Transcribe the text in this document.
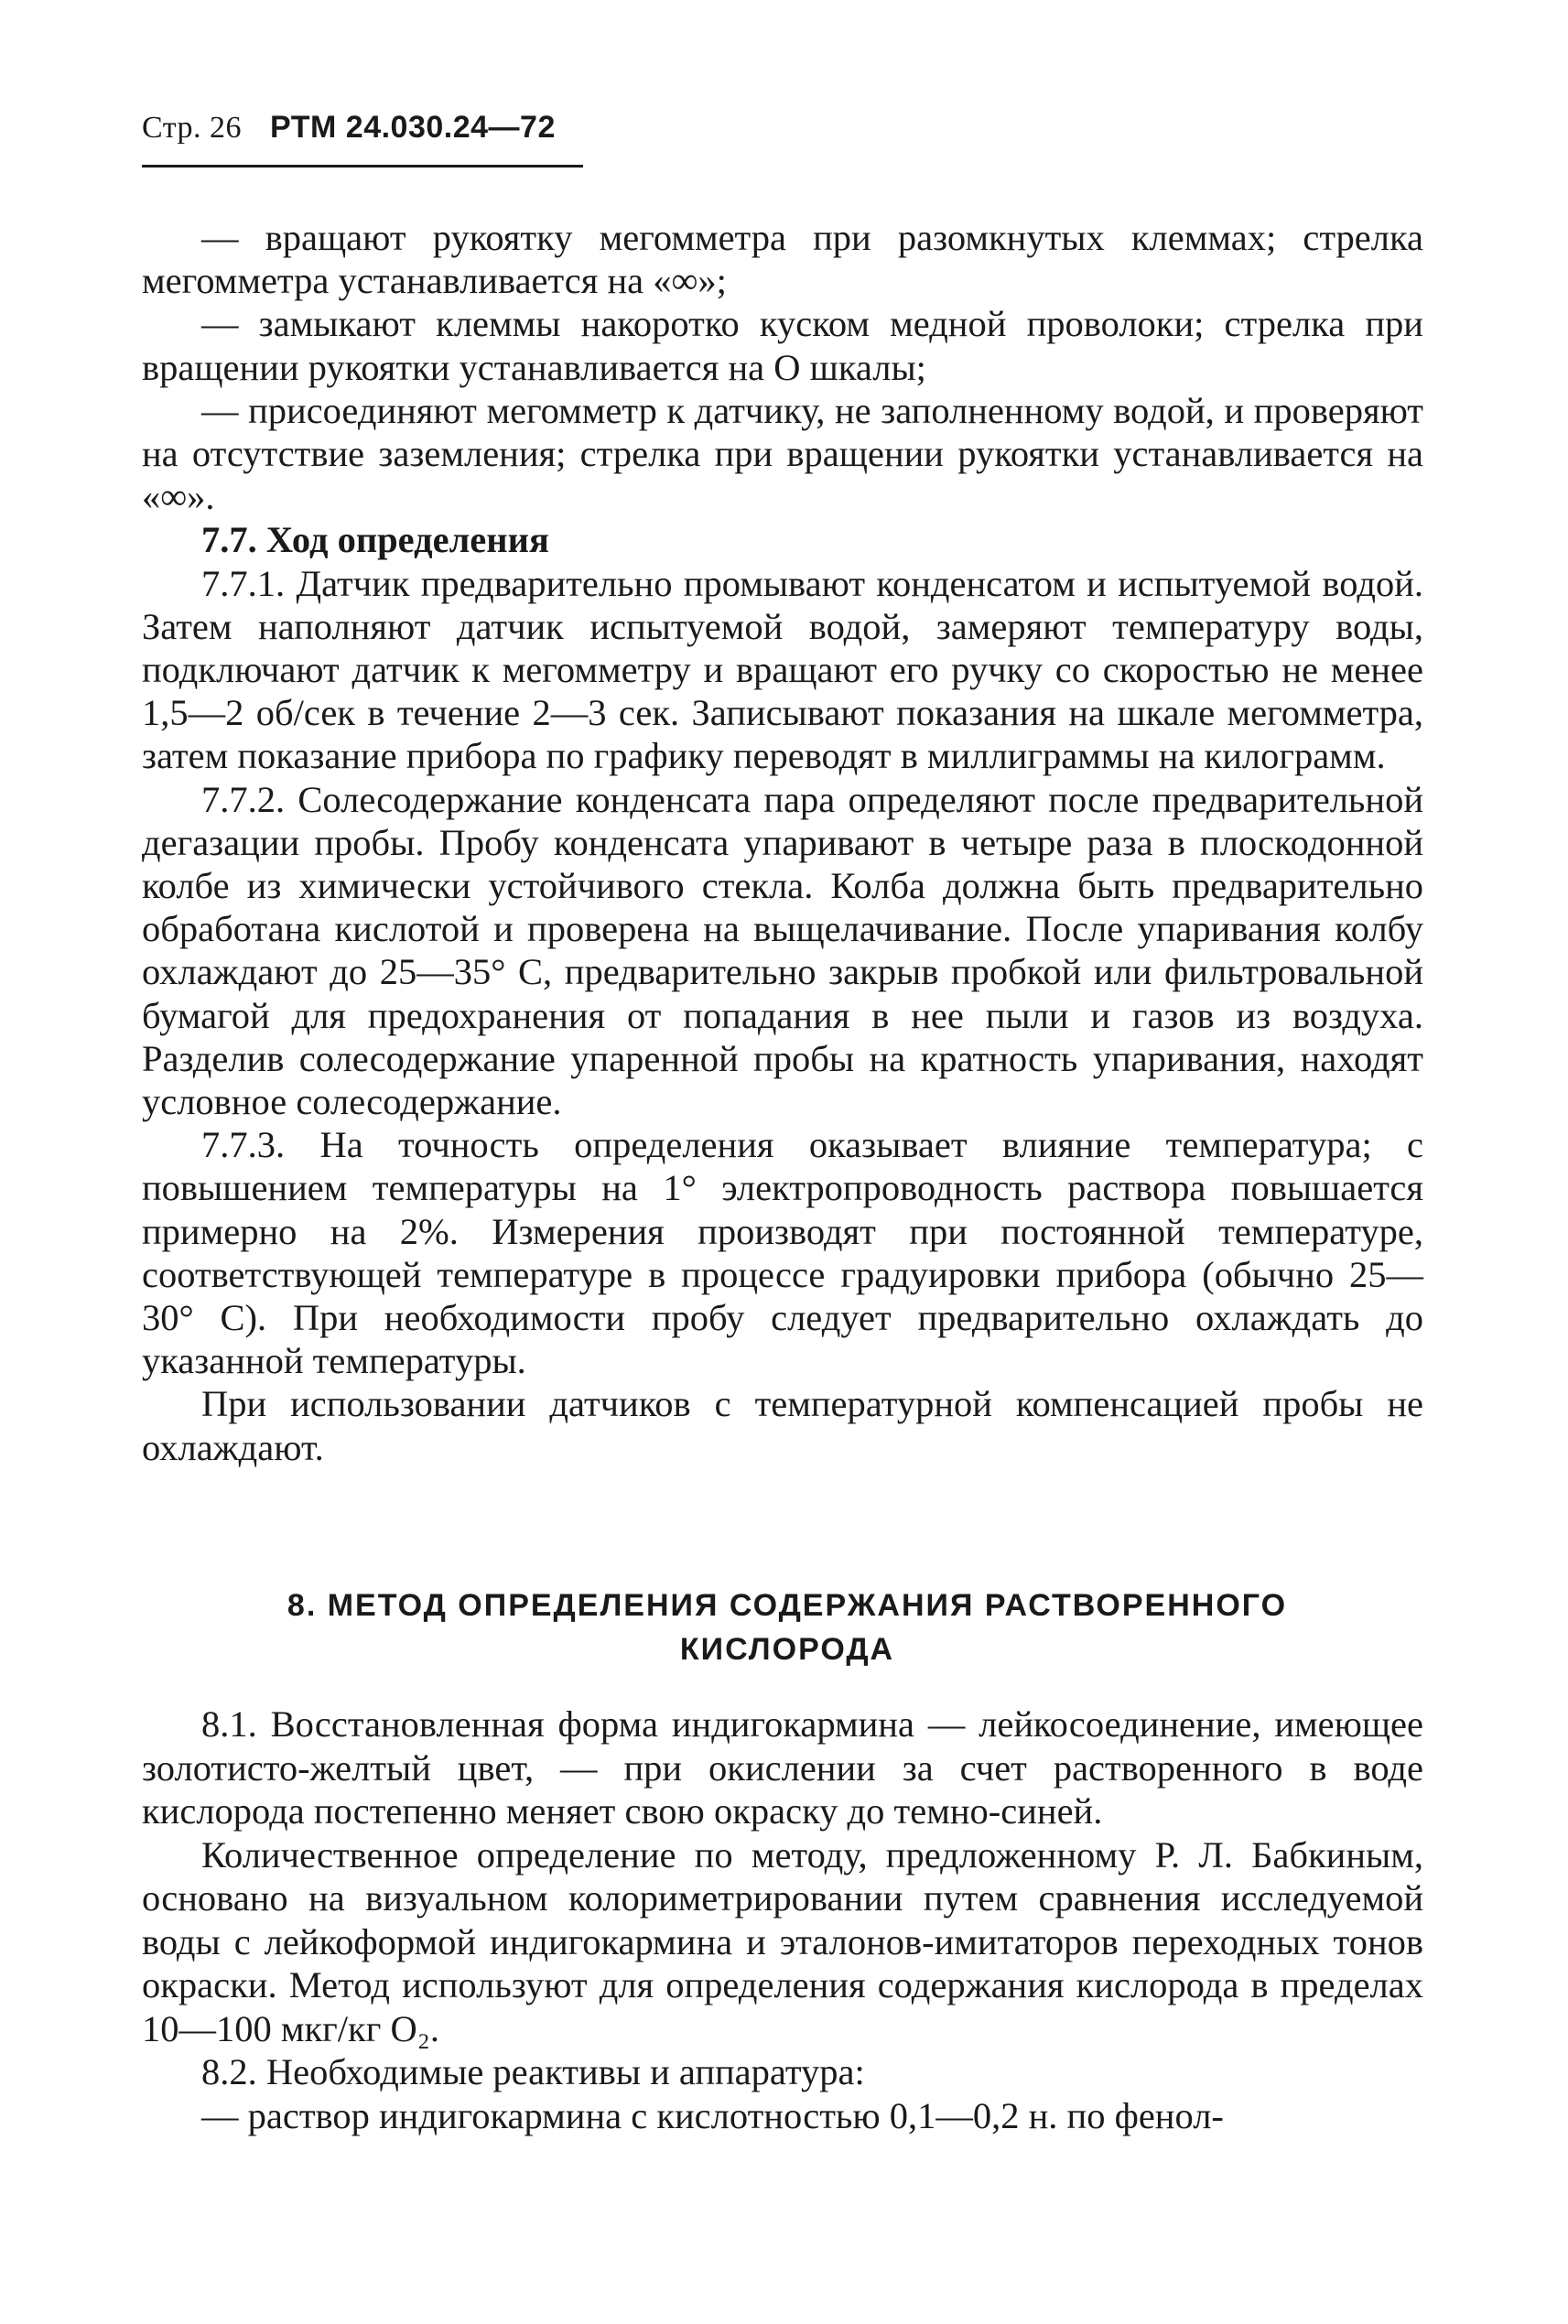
Стр. 26 РТМ 24.030.24—72

— вращают рукоятку мегомметра при разомкнутых клеммах; стрелка мегомметра устанавливается на «∞»;

— замыкают клеммы накоротко куском медной проволоки; стрелка при вращении рукоятки устанавливается на О шкалы;

— присоединяют мегомметр к датчику, не заполненному водой, и проверяют на отсутствие заземления; стрелка при вращении рукоятки устанавливается на «∞».

7.7. Ход определения

7.7.1. Датчик предварительно промывают конденсатом и испытуемой водой. Затем наполняют датчик испытуемой водой, замеряют температуру воды, подключают датчик к мегомметру и вращают его ручку со скоростью не менее 1,5—2 об/сек в течение 2—3 сек. Записывают показания на шкале мегомметра, затем показание прибора по графику переводят в миллиграммы на килограмм.

7.7.2. Солесодержание конденсата пара определяют после предварительной дегазации пробы. Пробу конденсата упаривают в четыре раза в плоскодонной колбе из химически устойчивого стекла. Колба должна быть предварительно обработана кислотой и проверена на выщелачивание. После упаривания колбу охлаждают до 25—35° С, предварительно закрыв пробкой или фильтровальной бумагой для предохранения от попадания в нее пыли и газов из воздуха. Разделив солесодержание упаренной пробы на кратность упаривания, находят условное солесодержание.

7.7.3. На точность определения оказывает влияние температура; с повышением температуры на 1° электропроводность раствора повышается примерно на 2%. Измерения производят при постоянной температуре, соответствующей температуре в процессе градуировки прибора (обычно 25—30° С). При необходимости пробу следует предварительно охлаждать до указанной температуры.

При использовании датчиков с температурной компенсацией пробы не охлаждают.

8. МЕТОД ОПРЕДЕЛЕНИЯ СОДЕРЖАНИЯ РАСТВОРЕННОГО
КИСЛОРОДА

8.1. Восстановленная форма индигокармина — лейкосоединение, имеющее золотисто-желтый цвет, — при окислении за счет растворенного в воде кислорода постепенно меняет свою окраску до темно-синей.

Количественное определение по методу, предложенному Р. Л. Бабкиным, основано на визуальном колориметрировании путем сравнения исследуемой воды с лейкоформой индигокармина и эталонов-имитаторов переходных тонов окраски. Метод используют для определения содержания кислорода в пределах 10—100 мкг/кг O₂.

8.2. Необходимые реактивы и аппаратура:

— раствор индигокармина с кислотностью 0,1—0,2 н. по фенол-
